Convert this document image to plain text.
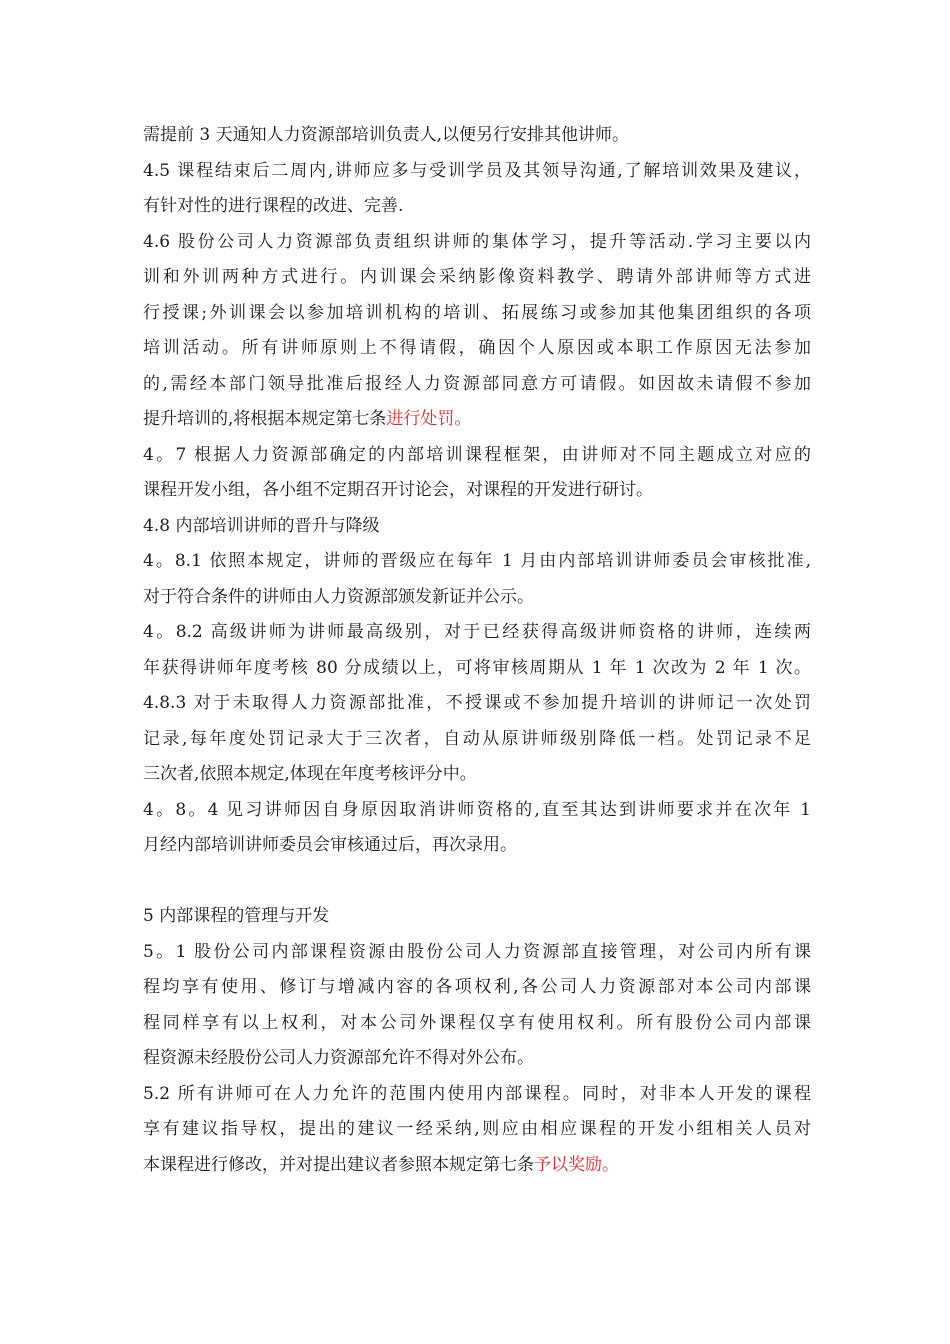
需提前 3 天通知人力资源部培训负责人,以便另行安排其他讲师。
4.5 课程结束后二周内,讲师应多与受训学员及其领导沟通,了解培训效果及建议，
有针对性的进行课程的改进、完善.
4.6 股份公司人力资源部负责组织讲师的集体学习，提升等活动.学习主要以内
训和外训两种方式进行。内训课会采纳影像资料教学、聘请外部讲师等方式进
行授课;外训课会以参加培训机构的培训、拓展练习或参加其他集团组织的各项
培训活动。所有讲师原则上不得请假，确因个人原因或本职工作原因无法参加
的,需经本部门领导批准后报经人力资源部同意方可请假。如因故未请假不参加
提升培训的,将根据本规定第七条进行处罚。
4。7 根据人力资源部确定的内部培训课程框架，由讲师对不同主题成立对应的
课程开发小组，各小组不定期召开讨论会，对课程的开发进行研讨。
4.8 内部培训讲师的晋升与降级
4。8.1 依照本规定，讲师的晋级应在每年 1 月由内部培训讲师委员会审核批准,
对于符合条件的讲师由人力资源部颁发新证并公示。
4。8.2 高级讲师为讲师最高级别，对于已经获得高级讲师资格的讲师，连续两
年获得讲师年度考核 80 分成绩以上，可将审核周期从 1 年 1 次改为 2 年 1 次。
4.8.3 对于未取得人力资源部批准，不授课或不参加提升培训的讲师记一次处罚
记录,每年度处罚记录大于三次者，自动从原讲师级别降低一档。处罚记录不足
三次者,依照本规定,体现在年度考核评分中。
4。8。4 见习讲师因自身原因取消讲师资格的,直至其达到讲师要求并在次年 1
月经内部培训讲师委员会审核通过后，再次录用。
5 内部课程的管理与开发
5。1 股份公司内部课程资源由股份公司人力资源部直接管理，对公司内所有课
程均享有使用、修订与增减内容的各项权利,各公司人力资源部对本公司内部课
程同样享有以上权利，对本公司外课程仅享有使用权利。所有股份公司内部课
程资源未经股份公司人力资源部允许不得对外公布。
5.2 所有讲师可在人力允许的范围内使用内部课程。同时，对非本人开发的课程
享有建议指导权，提出的建议一经采纳,则应由相应课程的开发小组相关人员对
本课程进行修改，并对提出建议者参照本规定第七条予以奖励。
